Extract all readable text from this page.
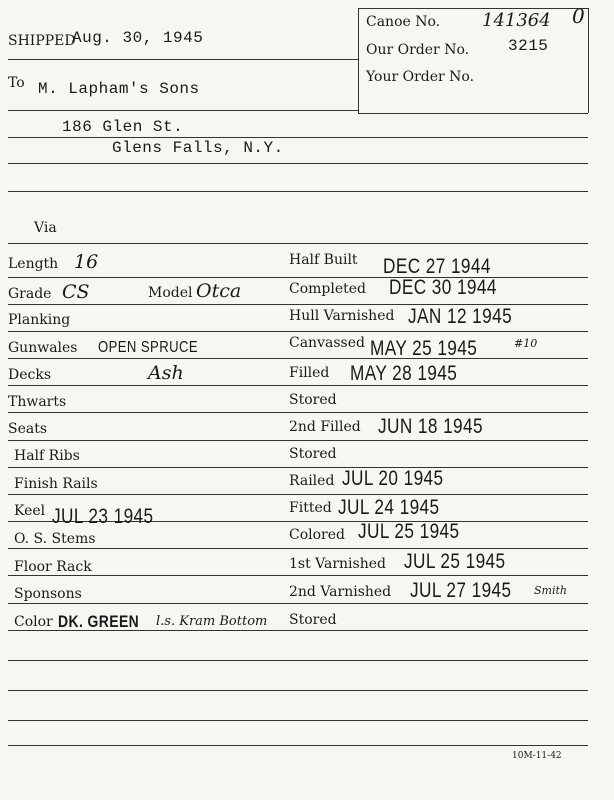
Canoe No. 141364 0
Our Order No. 3215
Your Order No.
SHIPPED
Aug. 30, 1945
To M. Lapham's Sons
186 Glen St.
Glens Falls, N.Y.
Via
Length 16
Grade CS	Model Otca
Planking
Gunwales OPEN SPRUCE
Decks	Ash
Thwarts
Seats
Half Ribs
Finish Rails
Keel JUL 23 1945
O. S. Stems
Floor Rack
Sponsons
Color DK. GREEN l.s. Kram Bottom
Half Built DEC 27 1944
Completed DEC 30 1944
Hull Varnished JAN 12 1945
Canvassed MAY 25 1945	#10
Filled MAY 28 1945
Stored
2nd Filled JUN 18 1945
Stored
Railed JUL 20 1945
Fitted JUL 24 1945
Colored JUL 25 1945
1st Varnished JUL 25 1945
2nd Varnished JUL 27 1945 Smith
Stored
10M-11-42
